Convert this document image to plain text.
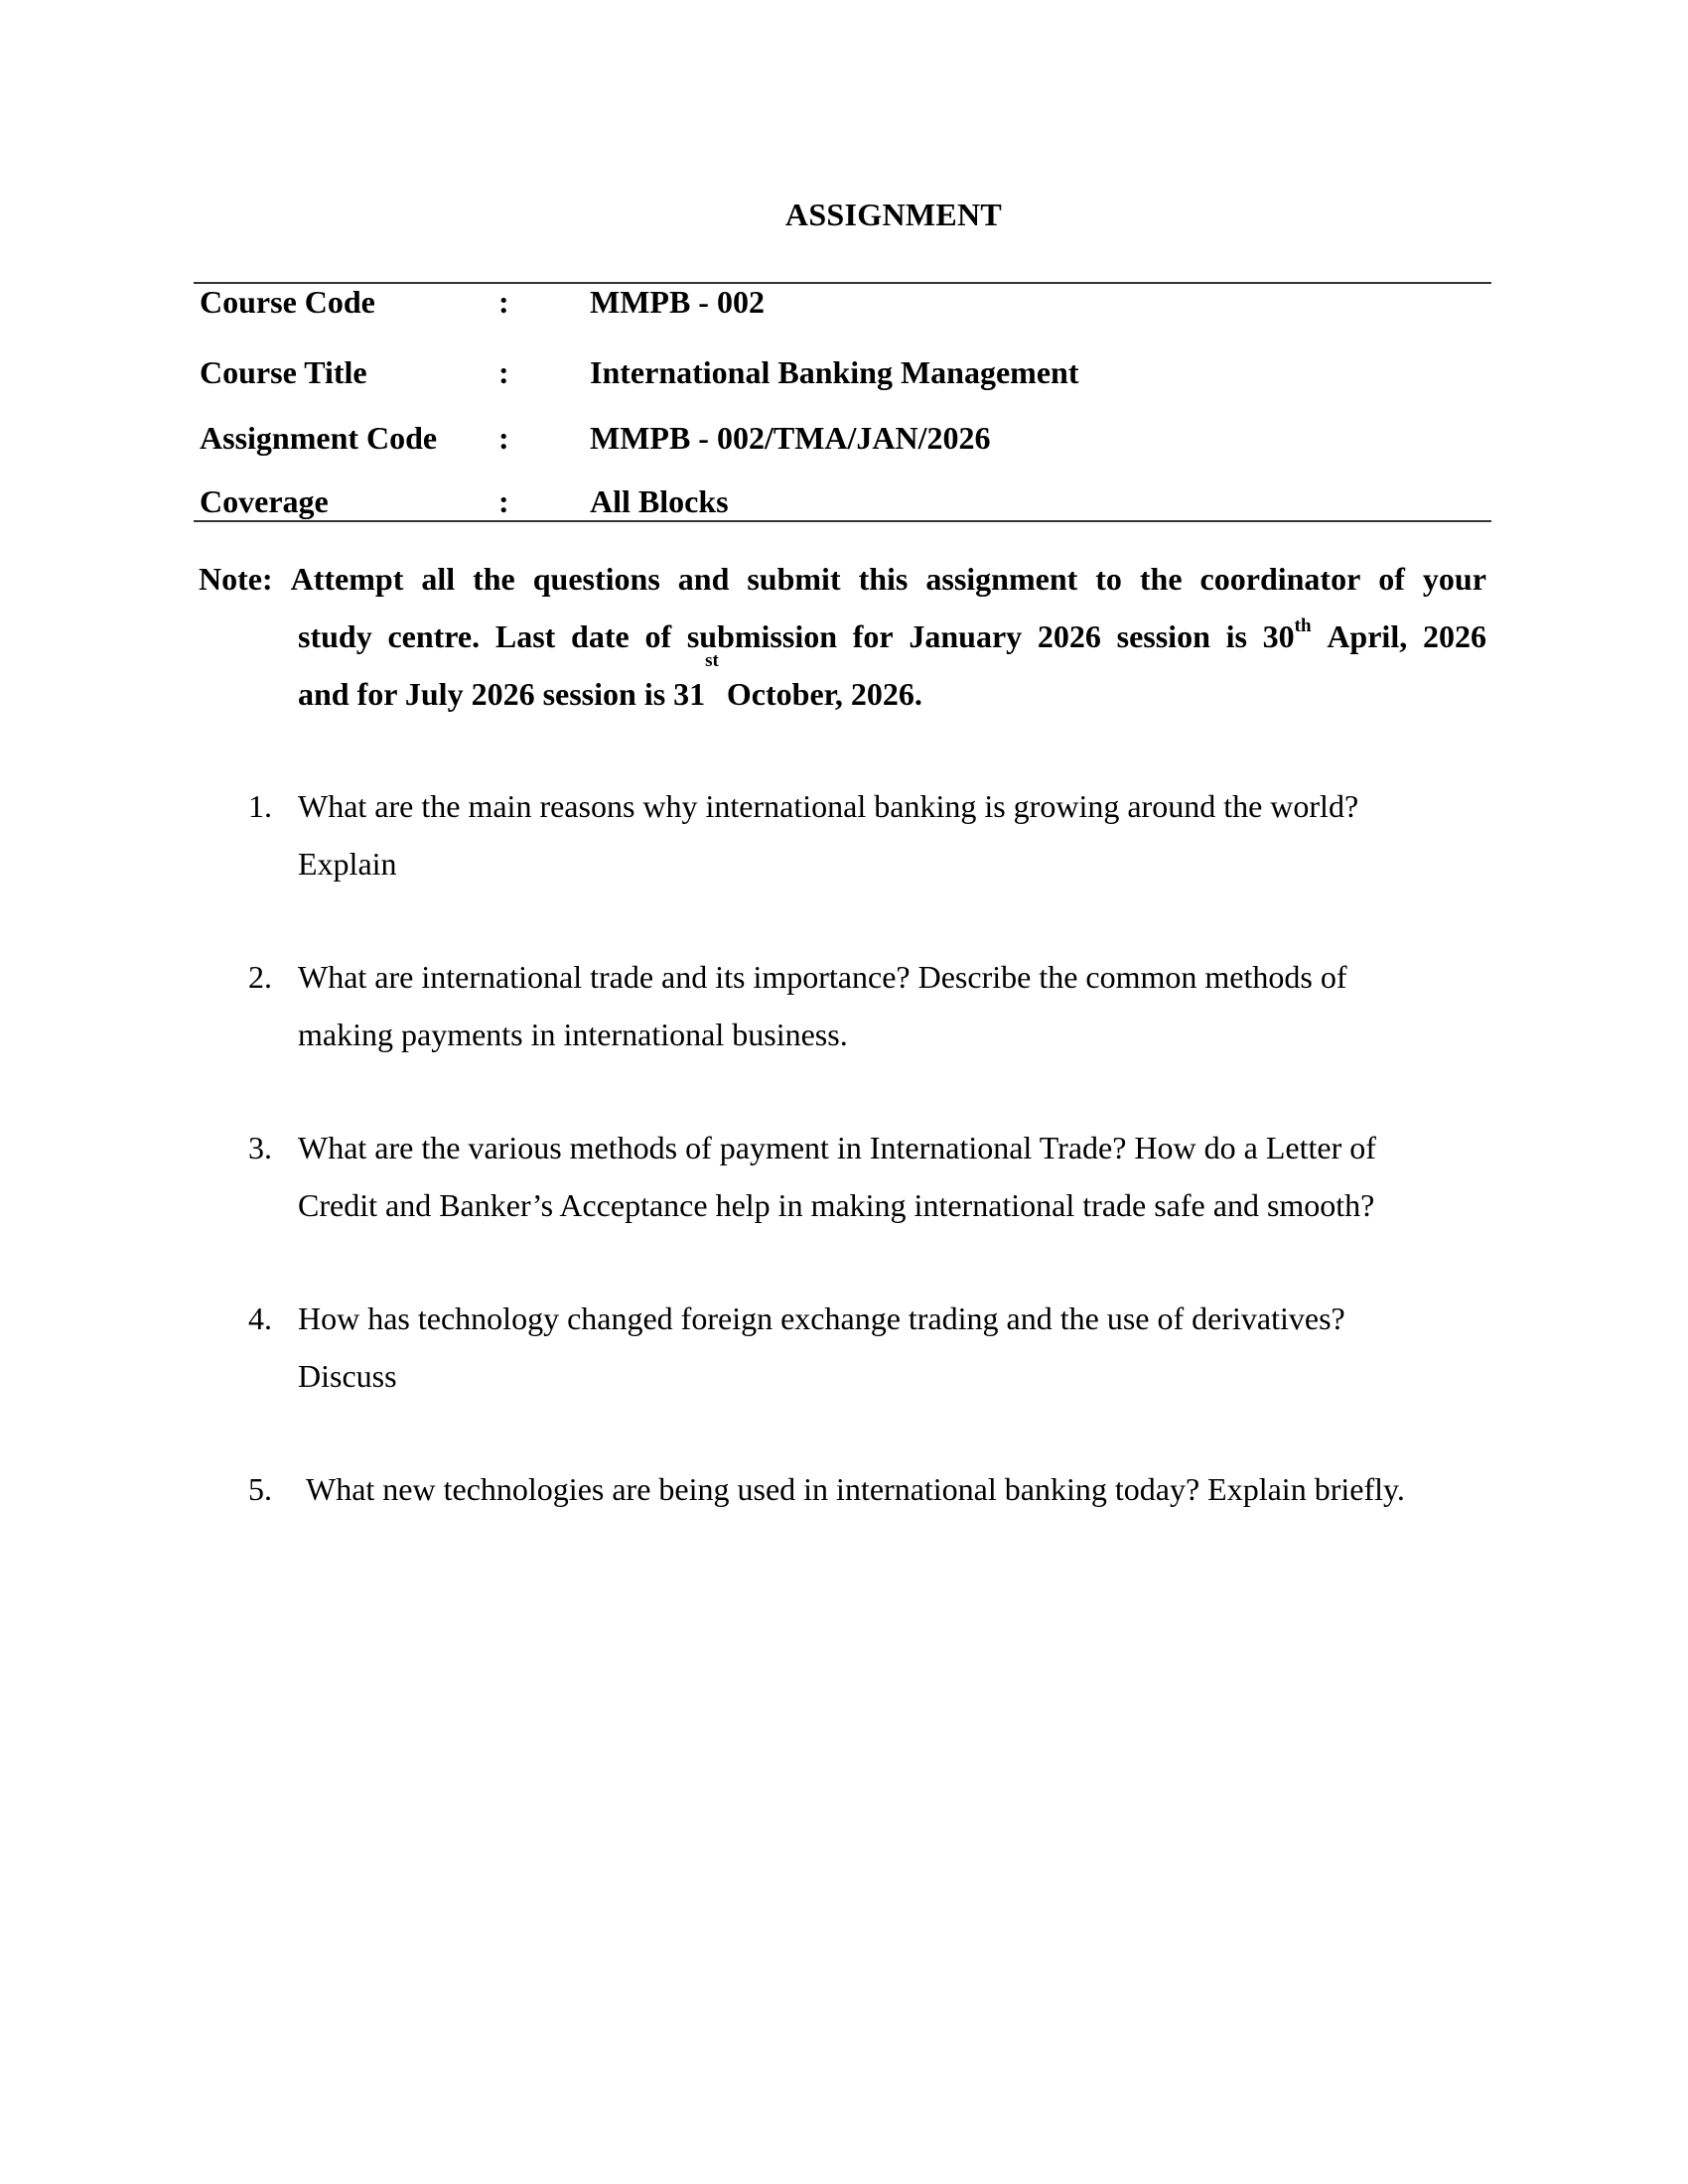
ASSIGNMENT
Course Code	:	MMPB - 002
Course Title	:	International Banking Management
Assignment Code	:	MMPB - 002/TMA/JAN/2026
Coverage	:	All Blocks
Note: Attempt all the questions and submit this assignment to the coordinator of your
study centre. Last date of submission for January 2026 session is 30th April, 2026
and for July 2026 session is 31
$^{st}$
October, 2026.
1. What are the main reasons why international banking is growing around the world?
Explain
2. What are international trade and its importance? Describe the common methods of
making payments in international business.
3. What are the various methods of payment in International Trade? How do a Letter of
Credit and Banker’s Acceptance help in making international trade safe and smooth?
4. How has technology changed foreign exchange trading and the use of derivatives?
Discuss
5.	What new technologies are being used in international banking today? Explain briefly.
